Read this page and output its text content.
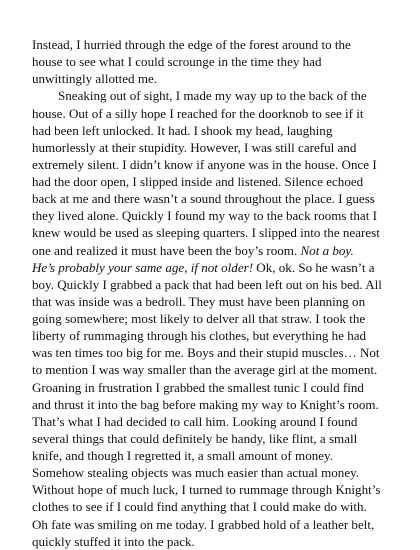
Instead, I hurried through the edge of the forest around to the
house to see what I could scrounge in the time they had
unwittingly allotted me.

Sneaking out of sight, I made my way up to the back of the
house. Out of a silly hope I reached for the doorknob to see if it
had been left unlocked. It had. I shook my head, laughing
humorlessly at their stupidity. However, I was still careful and
extremely silent. I didn’t know if anyone was in the house. Once I
had the door open, I slipped inside and listened. Silence echoed
back at me and there wasn’t a sound throughout the place. I guess
they lived alone. Quickly I found my way to the back rooms that I
knew would be used as sleeping quarters. I slipped into the nearest
one and realized it must have been the boy’s room. Not a boy.
He’s probably your same age, if not older! Ok, ok. So he wasn’t a
boy. Quickly I grabbed a pack that had been left out on his bed. All
that was inside was a bedroll. They must have been planning on
going somewhere; most likely to delver all that straw. I took the
liberty of rummaging through his clothes, but everything he had
was ten times too big for me. Boys and their stupid muscles… Not
to mention I was way smaller than the average girl at the moment.
Groaning in frustration I grabbed the smallest tunic I could find
and thrust it into the bag before making my way to Knight’s room.
That’s what I had decided to call him. Looking around I found
several things that could definitely be handy, like flint, a small
knife, and though I regretted it, a small amount of money.
Somehow stealing objects was much easier than actual money.
Without hope of much luck, I turned to rummage through Knight’s
clothes to see if I could find anything that I could make do with.
Oh fate was smiling on me today. I grabbed hold of a leather belt,
quickly stuffed it into the pack.
